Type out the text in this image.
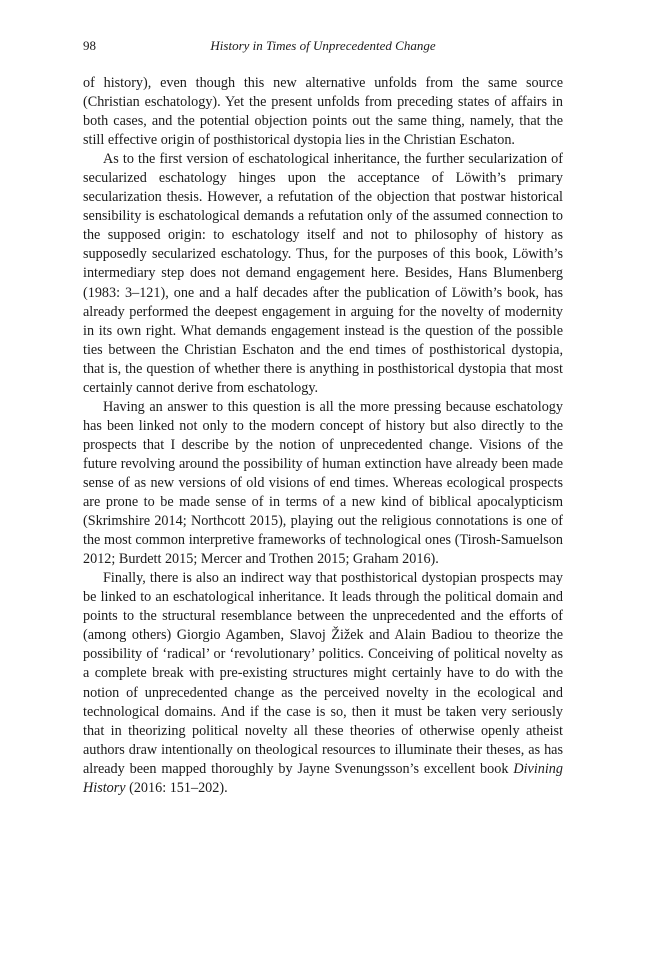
98	History in Times of Unprecedented Change

of history), even though this new alternative unfolds from the same source (Christian eschatology). Yet the present unfolds from preceding states of affairs in both cases, and the potential objection points out the same thing, namely, that the still effective origin of posthistorical dystopia lies in the Christian Eschaton.

As to the first version of eschatological inheritance, the further secularization of secularized eschatology hinges upon the acceptance of Löwith’s primary secularization thesis. However, a refutation of the objection that postwar historical sensibility is eschatological demands a refutation only of the assumed connection to the supposed origin: to eschatology itself and not to philosophy of history as supposedly secularized eschatology. Thus, for the purposes of this book, Löwith’s intermediary step does not demand engagement here. Besides, Hans Blumenberg (1983: 3–121), one and a half decades after the publication of Löwith’s book, has already performed the deepest engagement in arguing for the novelty of modernity in its own right. What demands engagement instead is the question of the possible ties between the Christian Eschaton and the end times of posthistorical dystopia, that is, the question of whether there is anything in posthistorical dystopia that most certainly cannot derive from eschatology.

Having an answer to this question is all the more pressing because eschatology has been linked not only to the modern concept of history but also directly to the prospects that I describe by the notion of unprecedented change. Visions of the future revolving around the possibility of human extinction have already been made sense of as new versions of old visions of end times. Whereas ecological prospects are prone to be made sense of in terms of a new kind of biblical apocalypticism (Skrimshire 2014; Northcott 2015), playing out the religious connotations is one of the most common interpretive frameworks of technological ones (Tirosh-Samuelson 2012; Burdett 2015; Mercer and Trothen 2015; Graham 2016).

Finally, there is also an indirect way that posthistorical dystopian prospects may be linked to an eschatological inheritance. It leads through the political domain and points to the structural resemblance between the unprecedented and the efforts of (among others) Giorgio Agamben, Slavoj Žižek and Alain Badiou to theorize the possibility of ‘radical’ or ‘revolutionary’ politics. Conceiving of political novelty as a complete break with pre-existing structures might certainly have to do with the notion of unprecedented change as the perceived novelty in the ecological and technological domains. And if the case is so, then it must be taken very seriously that in theorizing political novelty all these theories of otherwise openly atheist authors draw intentionally on theological resources to illuminate their theses, as has already been mapped thoroughly by Jayne Svenungsson’s excellent book Divining History (2016: 151–202).
